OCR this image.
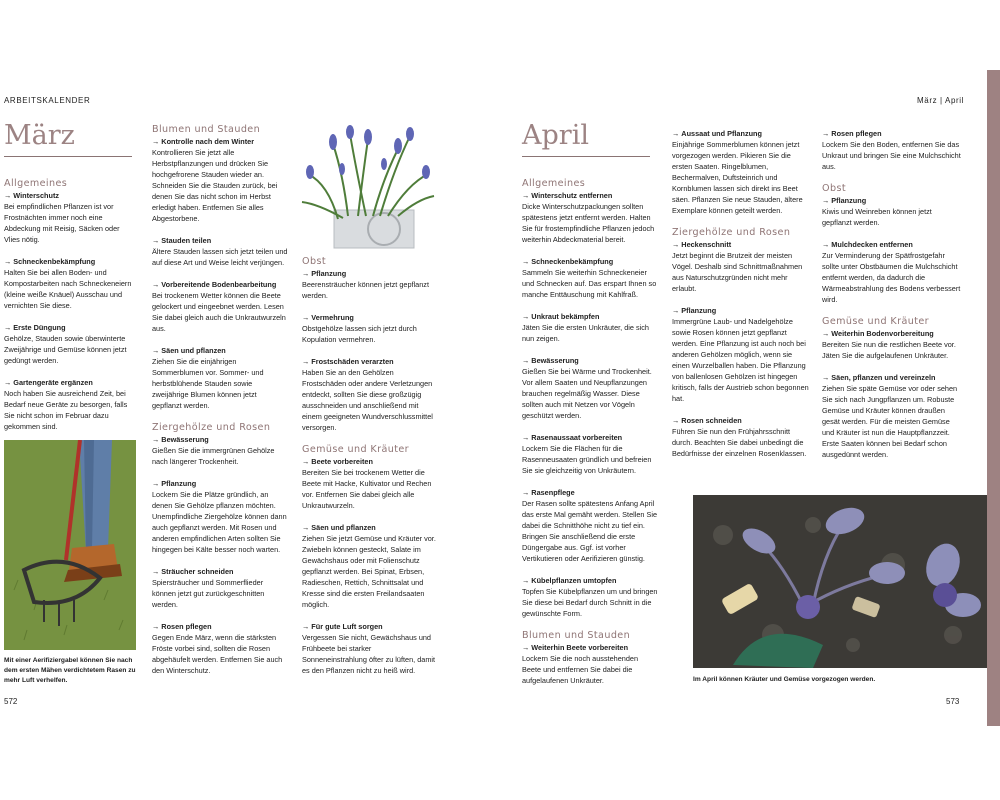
ARBEITSKALENDER	März | April
März
Allgemeines
→ Winterschutz
Bei empfindlichen Pflanzen ist vor Frostnächten immer noch eine Abdeckung mit Reisig, Säcken oder Vlies nötig.
→ Schneckenbekämpfung
Halten Sie bei allen Boden- und Kompostarbeiten nach Schneckeneiern (kleine weiße Knäuel) Ausschau und vernichten Sie diese.
→ Erste Düngung
Gehölze, Stauden sowie überwinterte Zweijährige und Gemüse können jetzt gedüngt werden.
→ Gartengeräte ergänzen
Noch haben Sie ausreichend Zeit, bei Bedarf neue Geräte zu besorgen, falls Sie nicht schon im Februar dazu gekommen sind.
Mit einer Aerifiziergabel können Sie nach dem ersten Mähen verdichtetem Rasen zu mehr Luft verhelfen.
572
Blumen und Stauden
→ Kontrolle nach dem Winter
Kontrollieren Sie jetzt alle Herbstpflanzungen und drücken Sie hochgefrorene Stauden wieder an. Schneiden Sie die Stauden zurück, bei denen Sie das nicht schon im Herbst erledigt haben. Entfernen Sie alles Abgestorbene.
→ Stauden teilen
Ältere Stauden lassen sich jetzt teilen und auf diese Art und Weise leicht verjüngen.
→ Vorbereitende Bodenbearbeitung
Bei trockenem Wetter können die Beete gelockert und eingeebnet werden. Lesen Sie dabei gleich auch die Unkrautwurzeln aus.
→ Säen und pflanzen
Ziehen Sie die einjährigen Sommerblumen vor. Sommer- und herbstblühende Stauden sowie zweijährige Blumen können jetzt gepflanzt werden.
Ziergehölze und Rosen
→ Bewässerung
Gießen Sie die immergrünen Gehölze nach längerer Trockenheit.
→ Pflanzung
Lockern Sie die Plätze gründlich, an denen Sie Gehölze pflanzen möchten. Unempfindliche Ziergehölze können dann auch gepflanzt werden. Mit Rosen und anderen empfindlichen Arten sollten Sie hingegen bei Kälte besser noch warten.
→ Sträucher schneiden
Spiersträucher und Sommerflieder können jetzt gut zurückgeschnitten werden.
→ Rosen pflegen
Gegen Ende März, wenn die stärksten Fröste vorbei sind, sollten die Rosen abgehäufelt werden. Entfernen Sie auch den Winterschutz.
Obst
→ Pflanzung
Beerensträucher können jetzt gepflanzt werden.
→ Vermehrung
Obstgehölze lassen sich jetzt durch Kopulation vermehren.
→ Frostschäden verarzten
Haben Sie an den Gehölzen Frostschäden oder andere Verletzungen entdeckt, sollten Sie diese großzügig ausschneiden und anschließend mit einem geeigneten Wundverschlussmittel versorgen.
Gemüse und Kräuter
→ Beete vorbereiten
Bereiten Sie bei trockenem Wetter die Beete mit Hacke, Kultivator und Rechen vor. Entfernen Sie dabei gleich alle Unkrautwurzeln.
→ Säen und pflanzen
Ziehen Sie jetzt Gemüse und Kräuter vor. Zwiebeln können gesteckt, Salate im Gewächshaus oder mit Folienschutz gepflanzt werden. Bei Spinat, Erbsen, Radieschen, Rettich, Schnittsalat und Kresse sind die ersten Freilandsaaten möglich.
→ Für gute Luft sorgen
Vergessen Sie nicht, Gewächshaus und Frühbeete bei starker Sonneneinstrahlung öfter zu lüften, damit es den Pflanzen nicht zu heiß wird.
April
Allgemeines
→ Winterschutz entfernen
Dicke Winterschutzpackungen sollten spätestens jetzt entfernt werden. Halten Sie für frostempfindliche Pflanzen jedoch weiterhin Abdeckmaterial bereit.
→ Schneckenbekämpfung
Sammeln Sie weiterhin Schneckeneier und Schnecken auf. Das erspart Ihnen so manche Enttäuschung mit Kahlfraß.
→ Unkraut bekämpfen
Jäten Sie die ersten Unkräuter, die sich nun zeigen.
→ Bewässerung
Gießen Sie bei Wärme und Trockenheit. Vor allem Saaten und Neupflanzungen brauchen regelmäßig Wasser. Diese sollten auch mit Netzen vor Vögeln geschützt werden.
→ Rasenaussaat vorbereiten
Lockern Sie die Flächen für die Rasenneusaaten gründlich und befreien Sie sie gleichzeitig von Unkräutern.
→ Rasenpflege
Der Rasen sollte spätestens Anfang April das erste Mal gemäht werden. Stellen Sie dabei die Schnitthöhe nicht zu tief ein. Bringen Sie anschließend die erste Düngergabe aus. Ggf. ist vorher Vertikutieren oder Aerifizieren günstig.
→ Kübelpflanzen umtopfen
Topfen Sie Kübelpflanzen um und bringen Sie diese bei Bedarf durch Schnitt in die gewünschte Form.
Blumen und Stauden
→ Weiterhin Beete vorbereiten
Lockern Sie die noch ausstehenden Beete und entfernen Sie dabei die aufgelaufenen Unkräuter.
→ Aussaat und Pflanzung
Einjährige Sommerblumen können jetzt vorgezogen werden. Pikieren Sie die ersten Saaten. Ringelblumen, Bechermalven, Duftsteinrich und Kornblumen lassen sich direkt ins Beet säen. Pflanzen Sie neue Stauden, ältere Exemplare können geteilt werden.
Ziergehölze und Rosen
→ Heckenschnitt
Jetzt beginnt die Brutzeit der meisten Vögel. Deshalb sind Schnittmaßnahmen aus Naturschutzgründen nicht mehr erlaubt.
→ Pflanzung
Immergrüne Laub- und Nadelgehölze sowie Rosen können jetzt gepflanzt werden. Eine Pflanzung ist auch noch bei anderen Gehölzen möglich, wenn sie einen Wurzelballen haben. Die Pflanzung von ballenlosen Gehölzen ist hingegen kritisch, falls der Austrieb schon begonnen hat.
→ Rosen schneiden
Führen Sie nun den Frühjahrsschnitt durch. Beachten Sie dabei unbedingt die Bedürfnisse der einzelnen Rosenklassen.
→ Rosen pflegen
Lockern Sie den Boden, entfernen Sie das Unkraut und bringen Sie eine Mulchschicht aus.
Obst
→ Pflanzung
Kiwis und Weinreben können jetzt gepflanzt werden.
→ Mulchdecken entfernen
Zur Verminderung der Spätfrostgefahr sollte unter Obstbäumen die Mulchschicht entfernt werden, da dadurch die Wärmeabstrahlung des Bodens verbessert wird.
Gemüse und Kräuter
→ Weiterhin Bodenvorbereitung
Bereiten Sie nun die restlichen Beete vor. Jäten Sie die aufgelaufenen Unkräuter.
→ Säen, pflanzen und vereinzeln
Ziehen Sie späte Gemüse vor oder sehen Sie sich nach Jungpflanzen um. Robuste Gemüse und Kräuter können draußen gesät werden. Für die meisten Gemüse und Kräuter ist nun die Hauptpflanzzeit. Erste Saaten können bei Bedarf schon ausgedünnt werden.
Im April können Kräuter und Gemüse vorgezogen werden.
573
